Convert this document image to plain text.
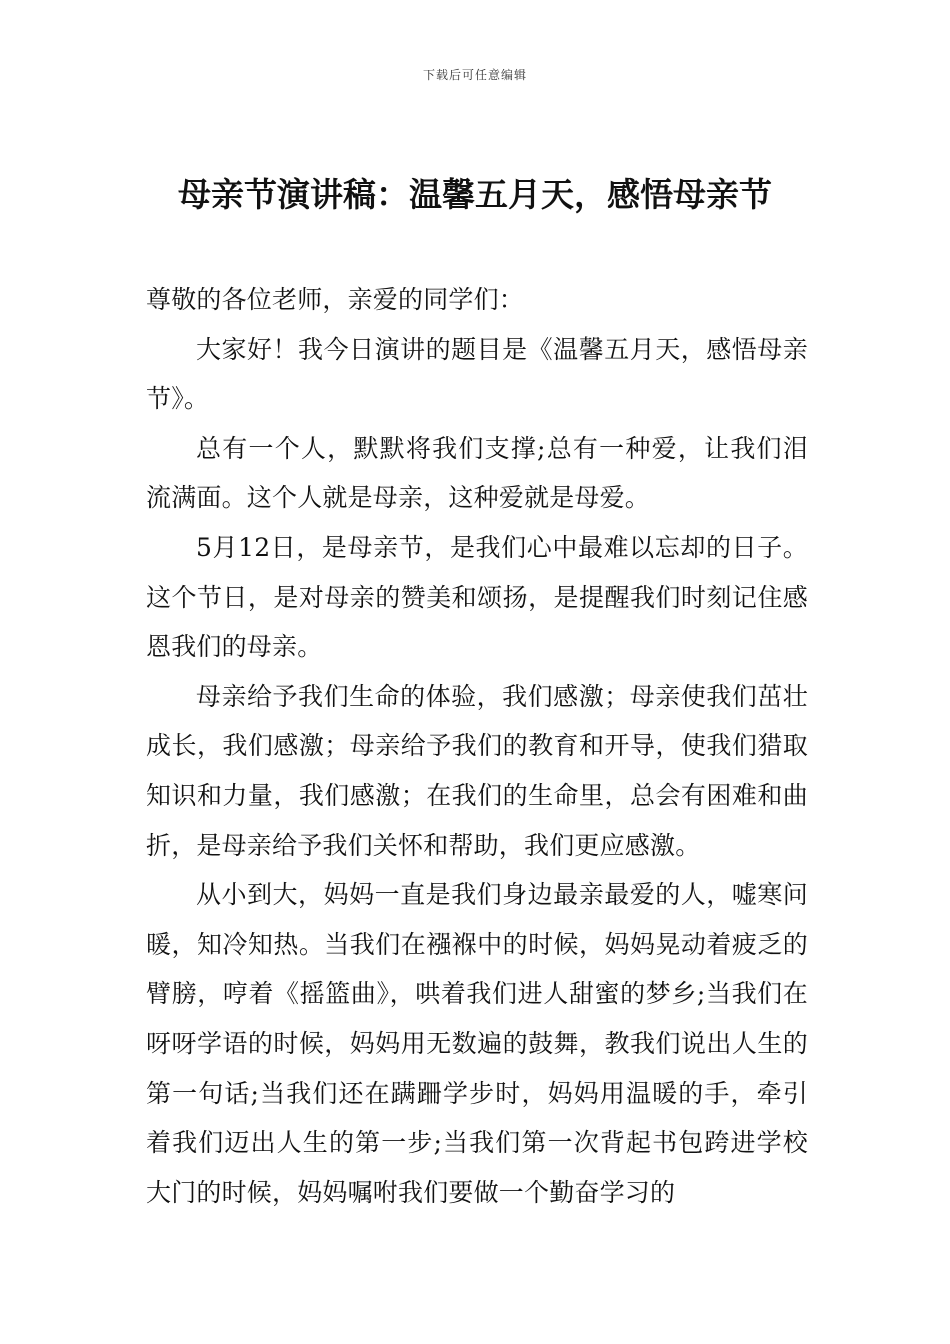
下载后可任意编辑
母亲节演讲稿：温馨五月天，感悟母亲节

尊敬的各位老师，亲爱的同学们：

大家好！我今日演讲的题目是《温馨五月天，感悟母亲节》。

总有一个人，默默将我们支撑;总有一种爱，让我们泪流满面。这个人就是母亲，这种爱就是母爱。

5月12日，是母亲节，是我们心中最难以忘却的日子。这个节日，是对母亲的赞美和颂扬，是提醒我们时刻记住感恩我们的母亲。

母亲给予我们生命的体验，我们感激；母亲使我们茁壮成长，我们感激；母亲给予我们的教育和开导，使我们猎取知识和力量，我们感激；在我们的生命里，总会有困难和曲折，是母亲给予我们关怀和帮助，我们更应感激。

从小到大，妈妈一直是我们身边最亲最爱的人，嘘寒问暖，知冷知热。当我们在襁褓中的时候，妈妈晃动着疲乏的臂膀，哼着《摇篮曲》，哄着我们进人甜蜜的梦乡;当我们在呀呀学语的时候，妈妈用无数遍的鼓舞，教我们说出人生的第一句话;当我们还在蹒跚学步时，妈妈用温暖的手，牵引着我们迈出人生的第一步;当我们第一次背起书包跨进学校大门的时候，妈妈嘱咐我们要做一个勤奋学习的
